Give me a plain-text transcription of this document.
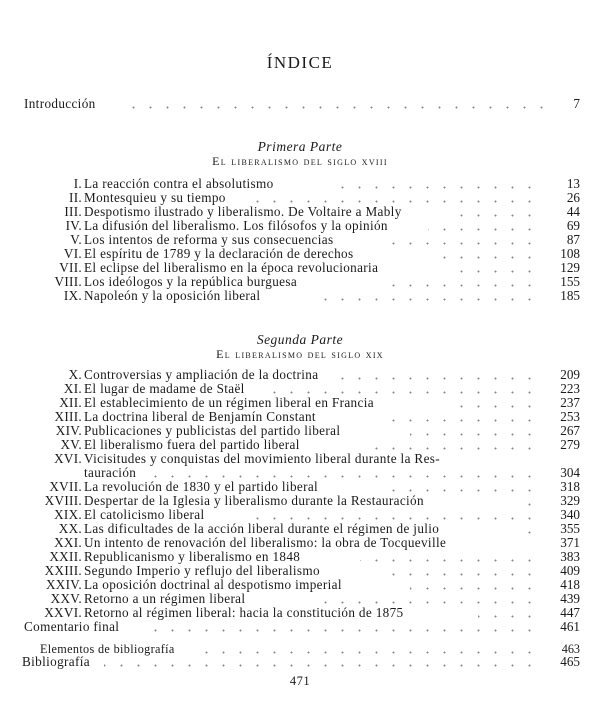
ÍNDICE
Introducción	7
Primera Parte
El liberalismo del siglo xviii
I. La reacción contra el absolutismo	13
II. Montesquieu y su tiempo	26
III. Despotismo ilustrado y liberalismo. De Voltaire a Mably	44
IV. La difusión del liberalismo. Los filósofos y la opinión	69
V. Los intentos de reforma y sus consecuencias	87
VI. El espíritu de 1789 y la declaración de derechos	108
VII. El eclipse del liberalismo en la época revolucionaria	129
VIII. Los ideólogos y la república burguesa	155
IX. Napoleón y la oposición liberal	185
Segunda Parte
El liberalismo del siglo xix
X. Controversias y ampliación de la doctrina	209
XI. El lugar de madame de Staël	223
XII. El establecimiento de un régimen liberal en Francia	237
XIII. La doctrina liberal de Benjamín Constant	253
XIV. Publicaciones y publicistas del partido liberal	267
XV. El liberalismo fuera del partido liberal	279
XVI. Vicisitudes y conquistas del movimiento liberal durante la Res-
tauración	304
XVII. La revolución de 1830 y el partido liberal	318
XVIII. Despertar de la Iglesia y liberalismo durante la Restauración	329
XIX. El catolicismo liberal	340
XX. Las dificultades de la acción liberal durante el régimen de julio	355
XXI. Un intento de renovación del liberalismo: la obra de Tocqueville	371
XXII. Republicanismo y liberalismo en 1848	383
XXIII. Segundo Imperio y reflujo del liberalismo	409
XXIV. La oposición doctrinal al despotismo imperial	418
XXV. Retorno a un régimen liberal	439
XXVI. Retorno al régimen liberal: hacia la constitución de 1875	447
Comentario final	461
Elementos de bibliografía	463
Bibliografía	465
471
